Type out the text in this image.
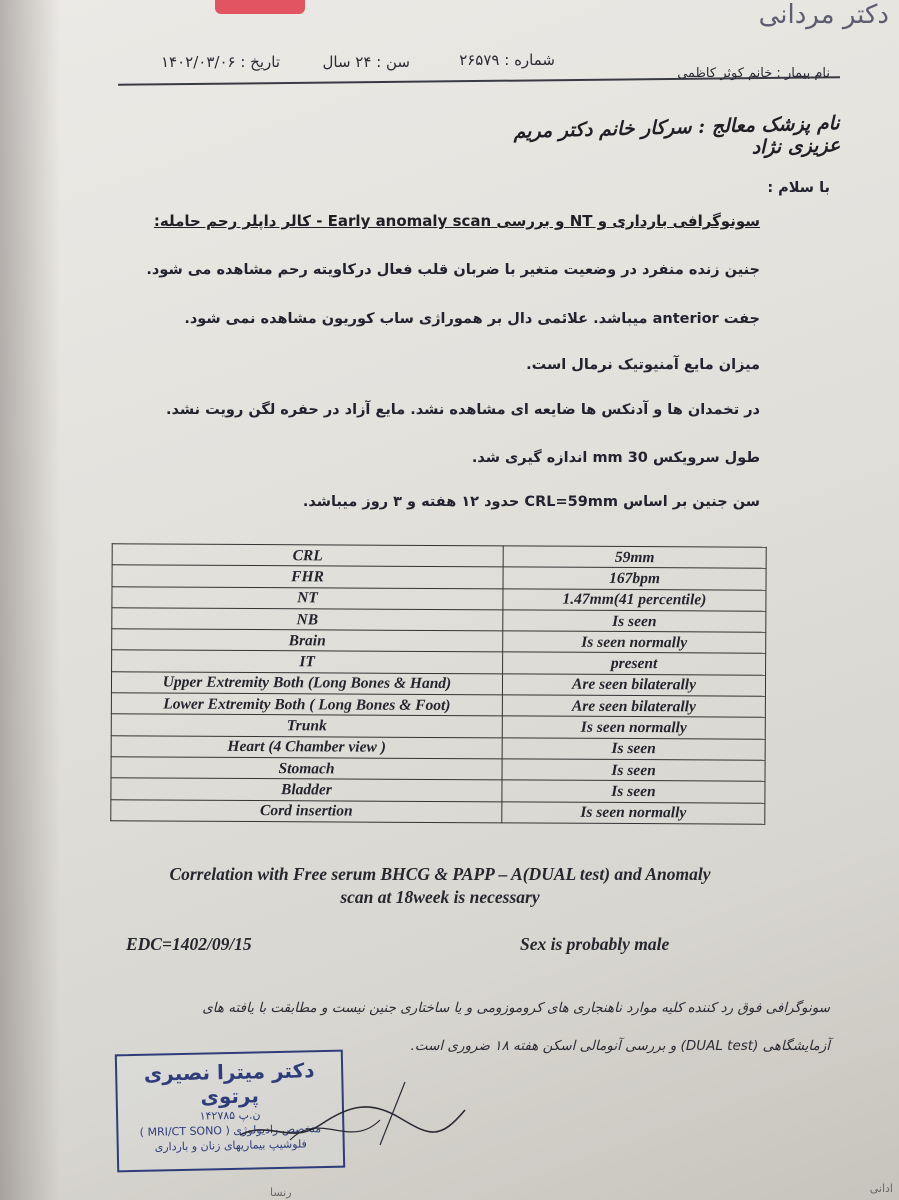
دکتر مردانی
تاریخ : ۱۴۰۲/۰۳/۰۶	سن : ۲۴ سال	شماره : ۲۶۵۷۹
نام بیمار : خانم کوثر کاظمی
نام پزشک معالج : سرکار خانم دکتر مریم عزیزی نژاد
با سلام :
سونوگرافی بارداری و NT و بررسی Early anomaly scan - کالر داپلر رحم حامله:
جنین زنده منفرد در وضعیت متغیر با ضربان قلب فعال درکاویته رحم مشاهده می شود.
جفت anterior میباشد. علائمی دال بر هموراژی ساب کوریون مشاهده نمی شود.
میزان مایع آمنیوتیک نرمال است.
در تخمدان ها و آدنکس ها ضایعه ای مشاهده نشد. مایع آزاد در حفره لگن رویت نشد.
طول سرویکس 30 mm اندازه گیری شد.
سن جنین بر اساس CRL=59mm حدود ۱۲ هفته و ۳ روز میباشد.
CRL	59mm
FHR	167bpm
NT	1.47mm(41 percentile)
NB	Is seen
Brain	Is seen normally
IT	present
Upper Extremity Both (Long Bones & Hand)	Are seen bilaterally
Lower Extremity Both ( Long Bones & Foot)	Are seen bilaterally
Trunk	Is seen normally
Heart (4 Chamber view )	Is seen
Stomach	Is seen
Bladder	Is seen
Cord insertion	Is seen normally
Correlation with Free serum BHCG & PAPP – A(DUAL test) and Anomaly
scan at 18week is necessary
EDC=1402/09/15	Sex is probably male
سونوگرافی فوق رد کننده کلیه موارد ناهنجاری های کروموزومی و یا ساختاری جنین نیست و مطابقت با یافته های
آزمایشگاهی (DUAL test) و بررسی آنومالی اسکن هفته ۱۸ ضروری است.
دکتر میترا نصیری پرتوی
ن.پ ۱۴۲۷۸۵
متخصص رادیولوژی ( MRI/CT SONO )
فلوشیپ بیماریهای زنان و بارداری
رنسا	ادانی
